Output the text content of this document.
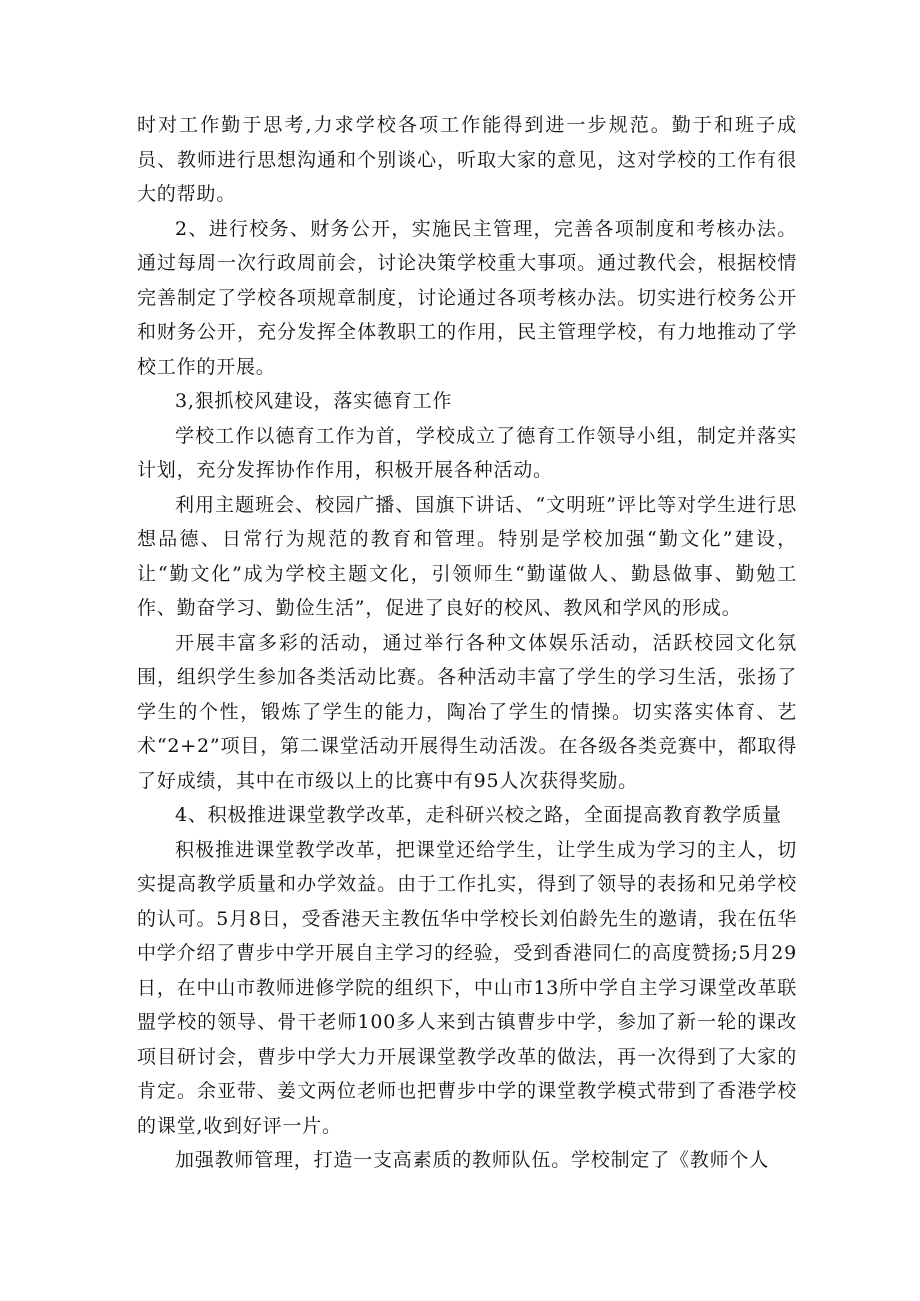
时对工作勤于思考,力求学校各项工作能得到进一步规范。勤于和班子成员、教师进行思想沟通和个别谈心，听取大家的意见，这对学校的工作有很大的帮助。

2、进行校务、财务公开，实施民主管理，完善各项制度和考核办法。通过每周一次行政周前会，讨论决策学校重大事项。通过教代会，根据校情完善制定了学校各项规章制度，讨论通过各项考核办法。切实进行校务公开和财务公开，充分发挥全体教职工的作用，民主管理学校，有力地推动了学校工作的开展。

3,狠抓校风建设，落实德育工作

学校工作以德育工作为首，学校成立了德育工作领导小组，制定并落实计划，充分发挥协作作用，积极开展各种活动。

利用主题班会、校园广播、国旗下讲话、“文明班”评比等对学生进行思想品德、日常行为规范的教育和管理。特别是学校加强“勤文化”建设，让“勤文化”成为学校主题文化，引领师生“勤谨做人、勤恳做事、勤勉工作、勤奋学习、勤俭生活”，促进了良好的校风、教风和学风的形成。

开展丰富多彩的活动，通过举行各种文体娱乐活动，活跃校园文化氛围，组织学生参加各类活动比赛。各种活动丰富了学生的学习生活，张扬了学生的个性，锻炼了学生的能力，陶冶了学生的情操。切实落实体育、艺术“2+2”项目，第二课堂活动开展得生动活泼。在各级各类竞赛中，都取得了好成绩，其中在市级以上的比赛中有95人次获得奖励。

4、积极推进课堂教学改革，走科研兴校之路，全面提高教育教学质量

积极推进课堂教学改革，把课堂还给学生，让学生成为学习的主人，切实提高教学质量和办学效益。由于工作扎实，得到了领导的表扬和兄弟学校的认可。5月8日，受香港天主教伍华中学校长刘伯龄先生的邀请，我在伍华中学介绍了曹步中学开展自主学习的经验，受到香港同仁的高度赞扬;5月29日，在中山市教师进修学院的组织下，中山市13所中学自主学习课堂改革联盟学校的领导、骨干老师100多人来到古镇曹步中学，参加了新一轮的课改项目研讨会，曹步中学大力开展课堂教学改革的做法，再一次得到了大家的肯定。余亚带、姜文两位老师也把曹步中学的课堂教学模式带到了香港学校的课堂,收到好评一片。

加强教师管理，打造一支高素质的教师队伍。学校制定了《教师个人
